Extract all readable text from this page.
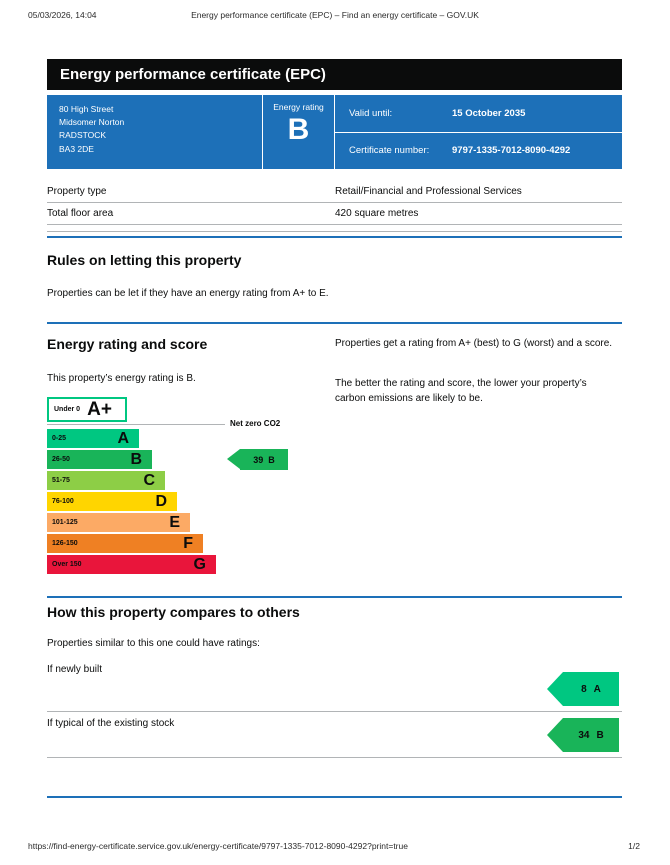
05/03/2026, 14:04	Energy performance certificate (EPC) – Find an energy certificate – GOV.UK
Energy performance certificate (EPC)
80 High Street
Midsomer Norton
RADSTOCK
BA3 2DE
Energy rating
B	Valid until:	15 October 2035
Certificate number:	9797-1335-7012-8090-4292
Property type	Retail/Financial and Professional Services
Total floor area	420 square metres
Rules on letting this property

Properties can be let if they have an energy rating from A+ to E.

Energy rating and score

This property’s energy rating is B.

Properties get a rating from A+ (best) to G (worst) and a score.

The better the rating and score, the lower your property’s carbon emissions are likely to be.

Under 0 A+
Net zero CO2
0-25	A
26-50	B
51-75	C
76-100	D
101-125	E
126-150	F
Over 150	G
39 B
How this property compares to others

Properties similar to this one could have ratings:

If newly built
8 A
If typical of the existing stock
34 B
https://find-energy-certificate.service.gov.uk/energy-certificate/9797-1335-7012-8090-4292?print=true	1/2
